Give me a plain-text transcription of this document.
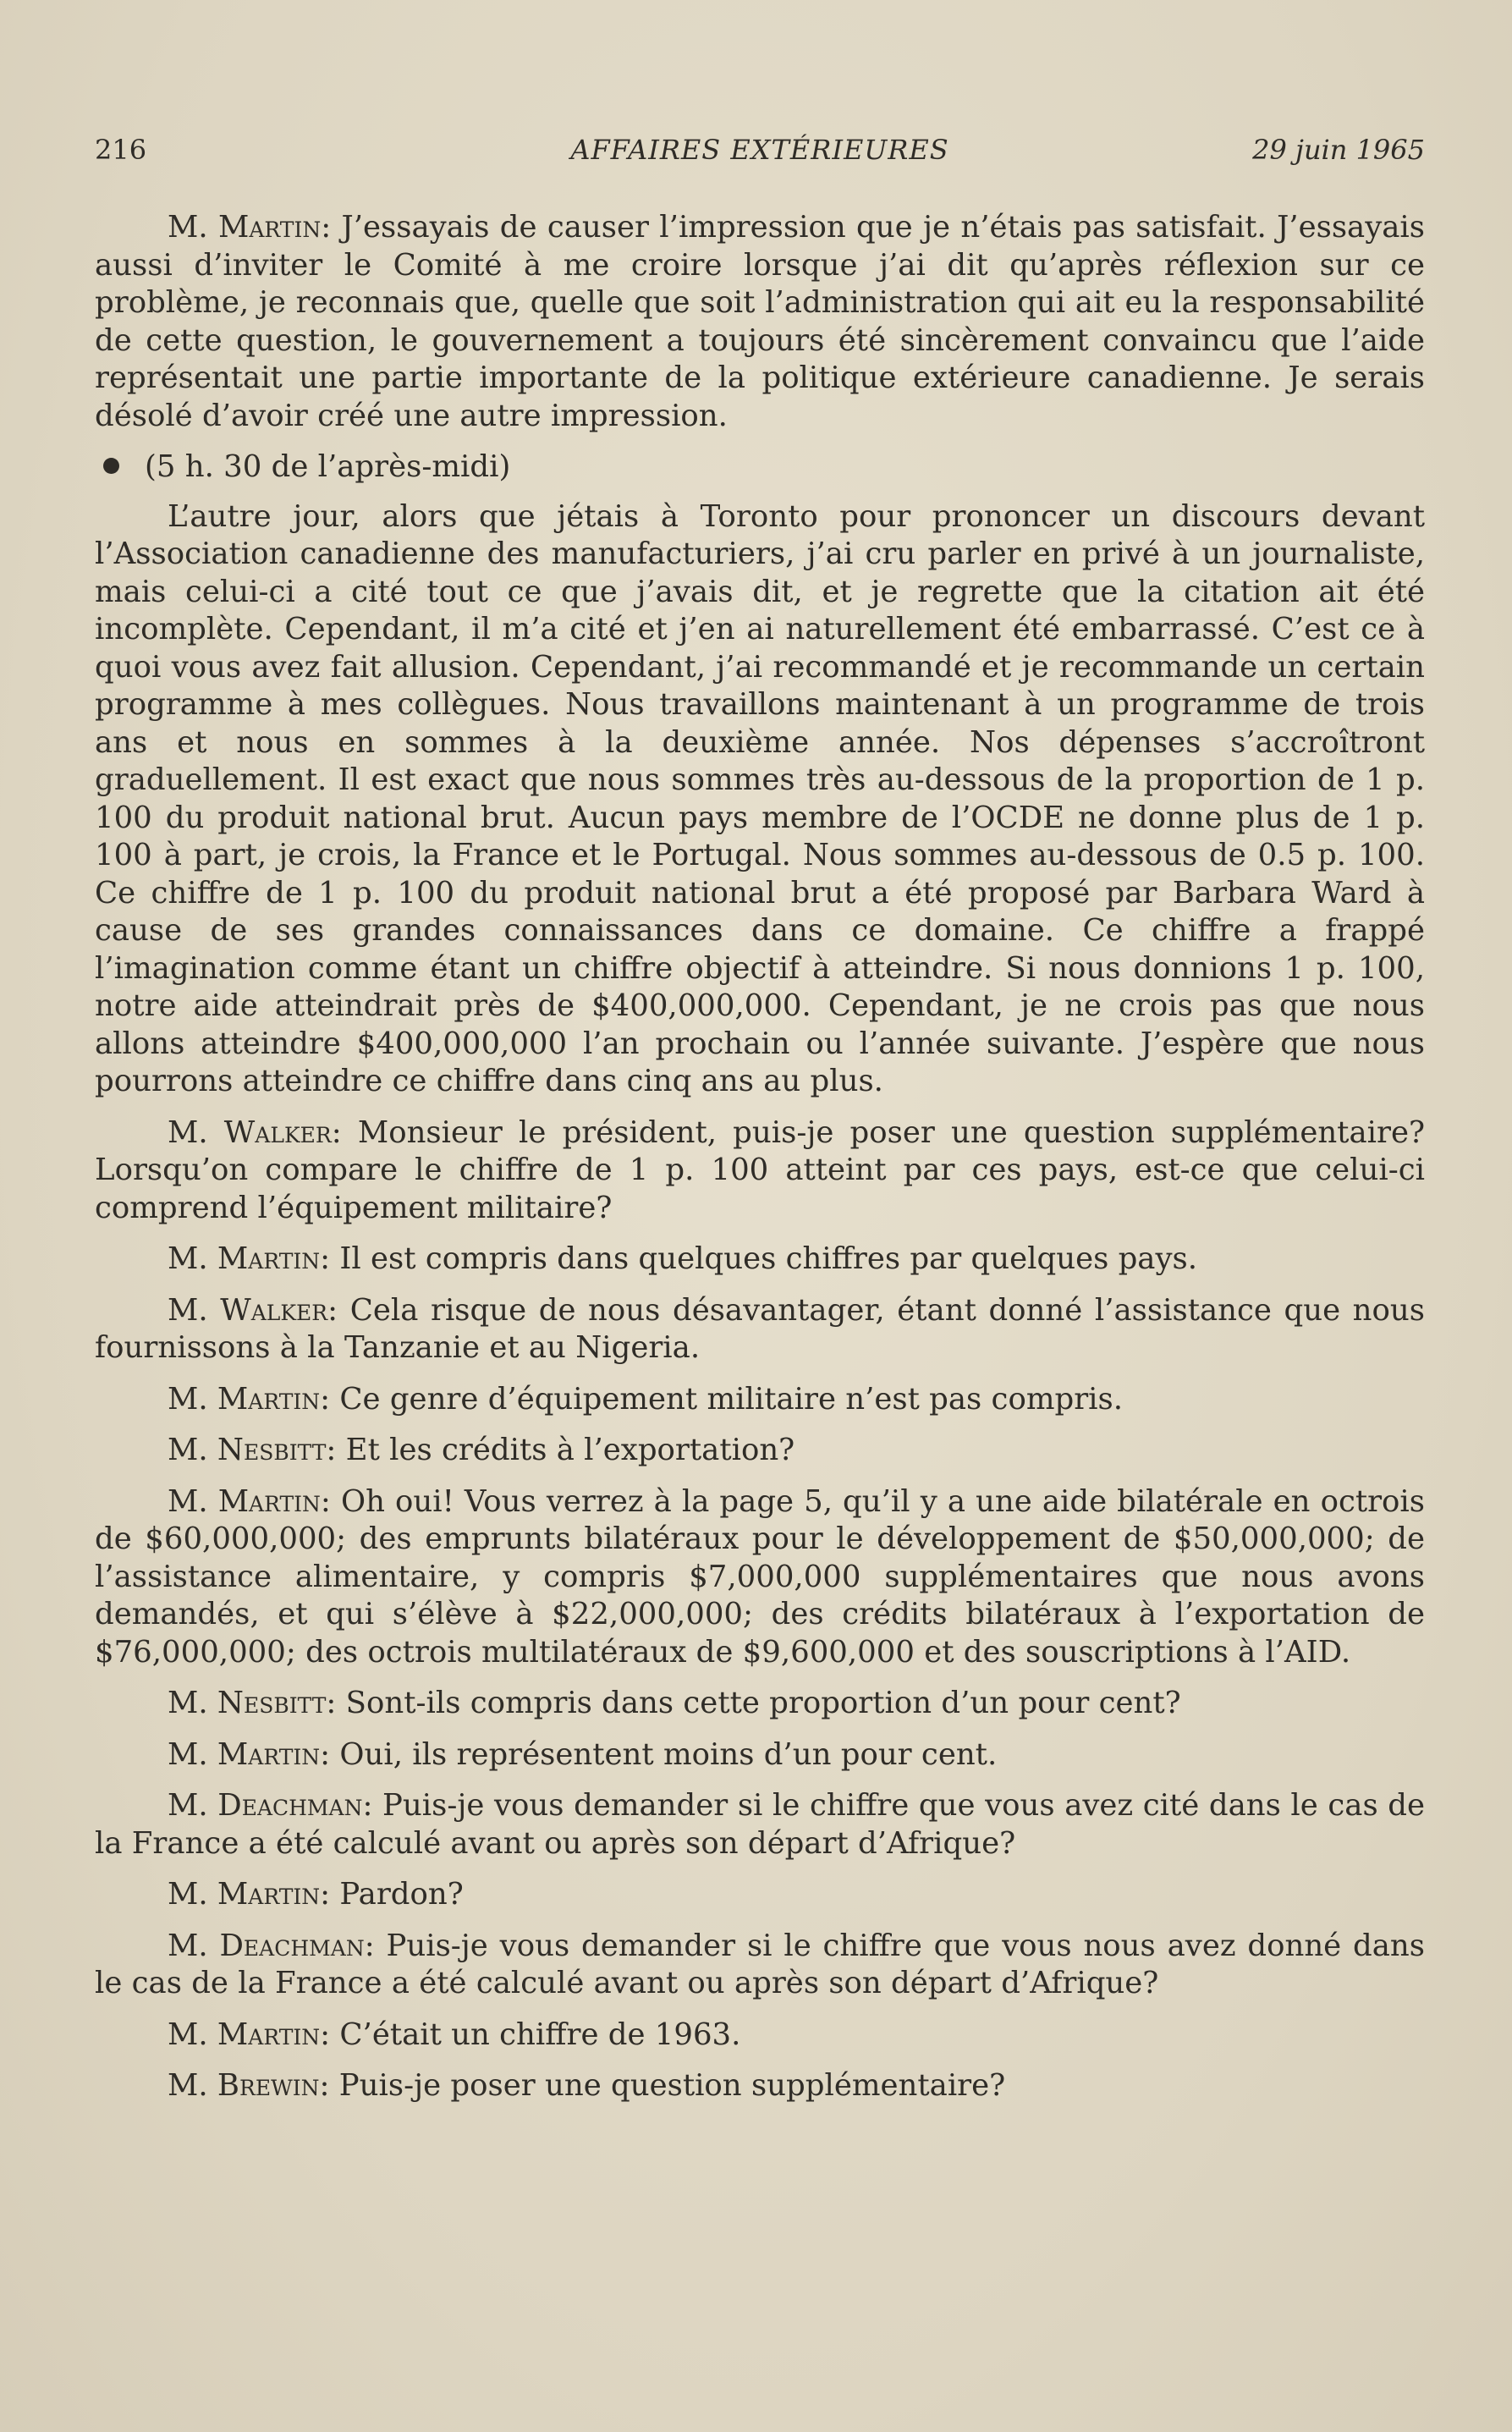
216	AFFAIRES EXTÉRIEURES	29 juin 1965

M. Martin: J’essayais de causer l’impression que je n’étais pas satisfait. J’essayais aussi d’inviter le Comité à me croire lorsque j’ai dit qu’après réflexion sur ce problème, je reconnais que, quelle que soit l’administration qui ait eu la responsabilité de cette question, le gouvernement a toujours été sincèrement convaincu que l’aide représentait une partie importante de la politique extérieure canadienne. Je serais désolé d’avoir créé une autre impression.

(5 h. 30 de l’après-midi)

L’autre jour, alors que jétais à Toronto pour prononcer un discours devant l’Association canadienne des manufacturiers, j’ai cru parler en privé à un journaliste, mais celui-ci a cité tout ce que j’avais dit, et je regrette que la citation ait été incomplète. Cependant, il m’a cité et j’en ai naturellement été embarrassé. C’est ce à quoi vous avez fait allusion. Cependant, j’ai recommandé et je recommande un certain programme à mes collègues. Nous travaillons maintenant à un programme de trois ans et nous en sommes à la deuxième année. Nos dépenses s’accroîtront graduellement. Il est exact que nous sommes très au-dessous de la proportion de 1 p. 100 du produit national brut. Aucun pays membre de l’OCDE ne donne plus de 1 p. 100 à part, je crois, la France et le Portugal. Nous sommes au-dessous de 0.5 p. 100. Ce chiffre de 1 p. 100 du produit national brut a été proposé par Barbara Ward à cause de ses grandes connaissances dans ce domaine. Ce chiffre a frappé l’imagination comme étant un chiffre objectif à atteindre. Si nous donnions 1 p. 100, notre aide atteindrait près de $400,000,000. Cependant, je ne crois pas que nous allons atteindre $400,000,000 l’an prochain ou l’année suivante. J’espère que nous pourrons atteindre ce chiffre dans cinq ans au plus.

M. Walker: Monsieur le président, puis-je poser une question supplémentaire? Lorsqu’on compare le chiffre de 1 p. 100 atteint par ces pays, est-ce que celui-ci comprend l’équipement militaire?

M. Martin: Il est compris dans quelques chiffres par quelques pays.

M. Walker: Cela risque de nous désavantager, étant donné l’assistance que nous fournissons à la Tanzanie et au Nigeria.

M. Martin: Ce genre d’équipement militaire n’est pas compris.

M. Nesbitt: Et les crédits à l’exportation?

M. Martin: Oh oui! Vous verrez à la page 5, qu’il y a une aide bilatérale en octrois de $60,000,000; des emprunts bilatéraux pour le développement de $50,000,000; de l’assistance alimentaire, y compris $7,000,000 supplémentaires que nous avons demandés, et qui s’élève à $22,000,000; des crédits bilatéraux à l’exportation de $76,000,000; des octrois multilatéraux de $9,600,000 et des souscriptions à l’AID.

M. Nesbitt: Sont-ils compris dans cette proportion d’un pour cent?

M. Martin: Oui, ils représentent moins d’un pour cent.

M. Deachman: Puis-je vous demander si le chiffre que vous avez cité dans le cas de la France a été calculé avant ou après son départ d’Afrique?

M. Martin: Pardon?

M. Deachman: Puis-je vous demander si le chiffre que vous nous avez donné dans le cas de la France a été calculé avant ou après son départ d’Afrique?

M. Martin: C’était un chiffre de 1963.

M. Brewin: Puis-je poser une question supplémentaire?
